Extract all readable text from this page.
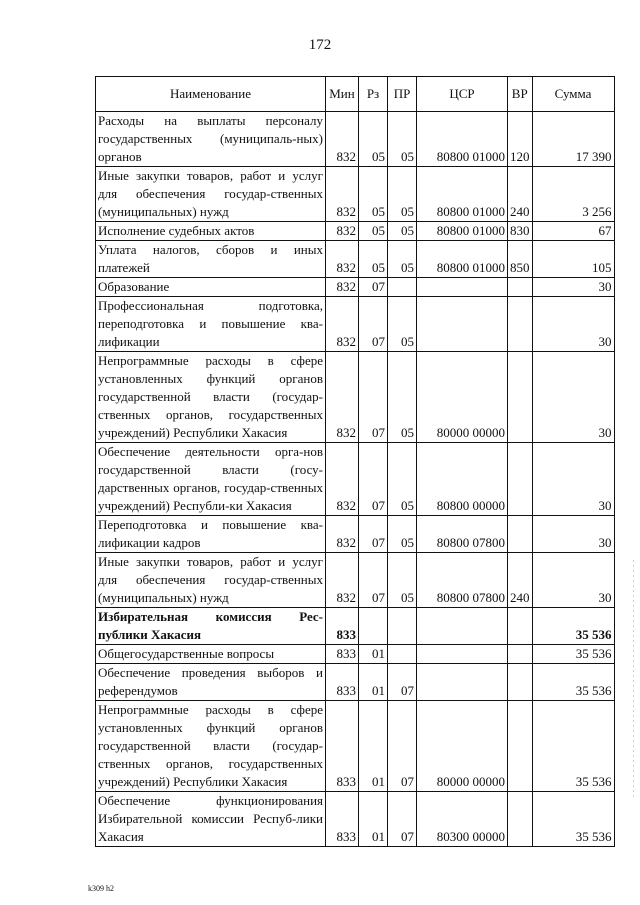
172
Наименование	Мин	Рз	ПР	ЦСР	ВР	Сумма
Расходы на выплаты персоналу государственных (муниципаль-ных) органов	832	05	05	80800 01000	120	17 390
Иные закупки товаров, работ и услуг для обеспечения государ-ственных (муниципальных) нужд	832	05	05	80800 01000	240	3 256
Исполнение судебных актов	832	05	05	80800 01000	830	67
Уплата налогов, сборов и иных платежей	832	05	05	80800 01000	850	105
Образование	832	07				30
Профессиональная подготовка, переподготовка и повышение ква-лификации	832	07	05			30
Непрограммные расходы в сфере установленных функций органов государственной власти (государ-ственных органов, государственных учреждений) Республики Хакасия	832	07	05	80000 00000		30
Обеспечение деятельности орга-нов государственной власти (госу-дарственных органов, государ-ственных учреждений) Республи-ки Хакасия	832	07	05	80800 00000		30
Переподготовка и повышение ква-лификации кадров	832	07	05	80800 07800		30
Иные закупки товаров, работ и услуг для обеспечения государ-ственных (муниципальных) нужд	832	07	05	80800 07800	240	30
Избирательная комиссия Рес-публики Хакасия	833					35 536
Общегосударственные вопросы	833	01				35 536
Обеспечение проведения выборов и референдумов	833	01	07			35 536
Непрограммные расходы в сфере установленных функций органов государственной власти (государ-ственных органов, государственных учреждений) Республики Хакасия	833	01	07	80000 00000		35 536
Обеспечение функционирования Избирательной комиссии Респуб-лики Хакасия	833	01	07	80300 00000		35 536
k309 h2
